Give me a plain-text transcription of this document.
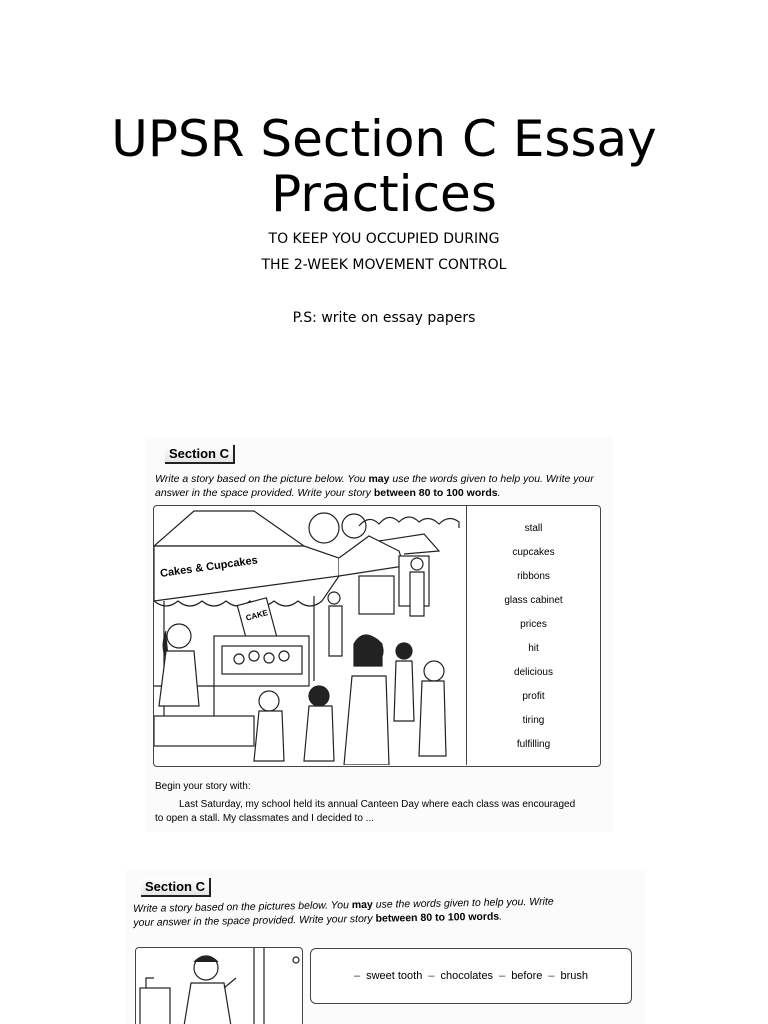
UPSR Section C Essay
Practices
TO KEEP YOU OCCUPIED DURING
THE 2-WEEK MOVEMENT CONTROL
P.S: write on essay papers
Section C
Write a story based on the picture below. You may use the words given to help you. Write your
answer in the space provided. Write your story between 80 to 100 words.
Cakes & Cupcakes
CAKE
stall
cupcakes
ribbons
glass cabinet
prices
hit
delicious
profit
tiring
fulfilling
Begin your story with:
Last Saturday, my school held its annual Canteen Day where each class was encouraged
to open a stall. My classmates and I decided to ...
Section C
Write a story based on the pictures below. You may use the words given to help you. Write
your answer in the space provided. Write your story between 80 to 100 words.
– sweet tooth – chocolates – before – brush
